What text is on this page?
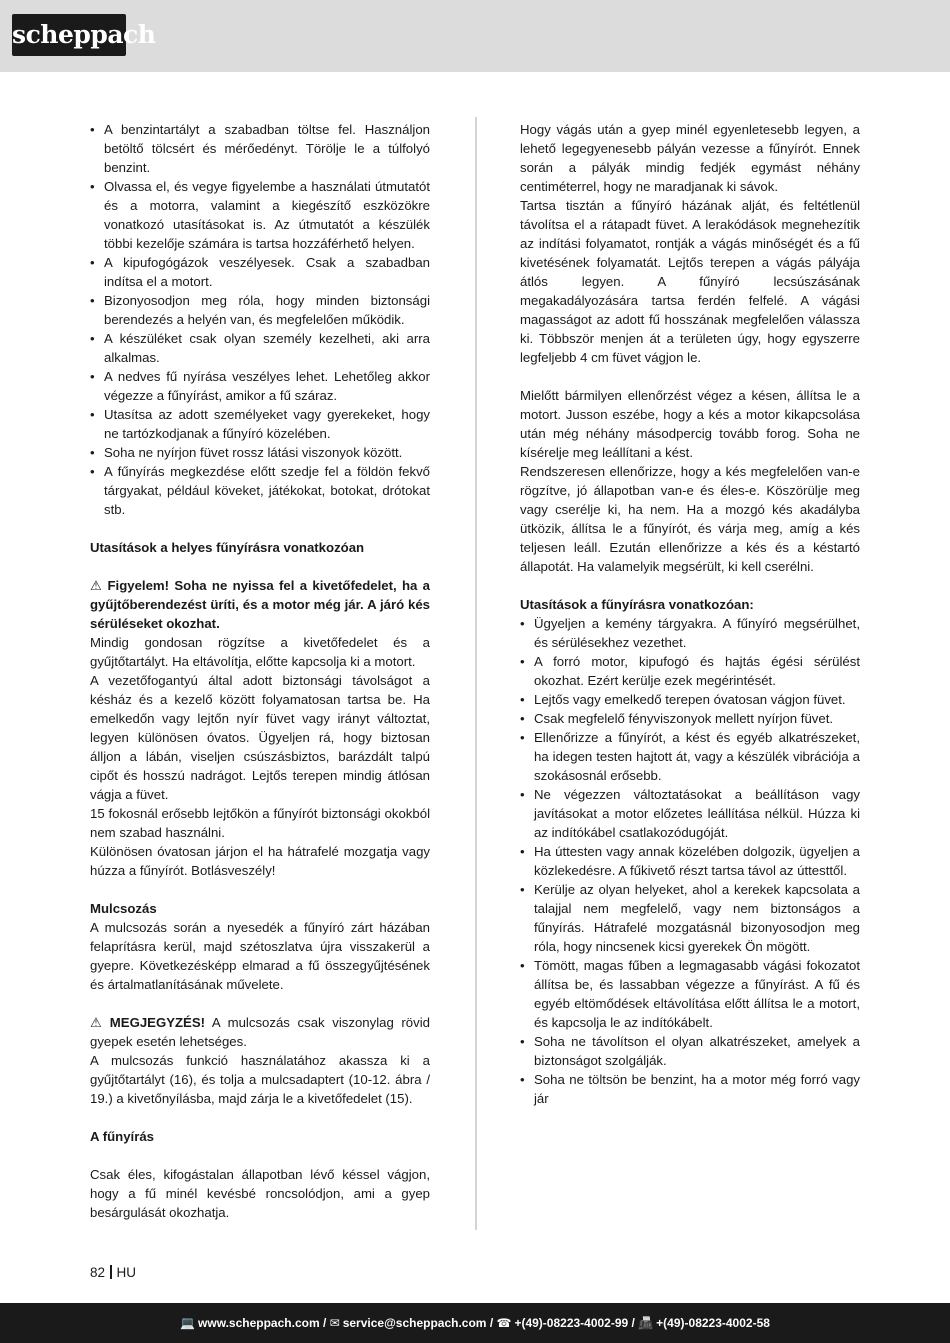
scheppach
• A benzintartályt a szabadban töltse fel. Használjon betöltő tölcsért és mérőedényt. Törölje le a túlfolyó benzint.
• Olvassa el, és vegye figyelembe a használati útmutatót és a motorra, valamint a kiegészítő eszközökre vonatkozó utasításokat is. Az útmutatót a készülék többi kezelője számára is tartsa hozzáférhető helyen.
• A kipufogógázok veszélyesek. Csak a szabadban indítsa el a motort.
• Bizonyosodjon meg róla, hogy minden biztonsági berendezés a helyén van, és megfelelően működik.
• A készüléket csak olyan személy kezelheti, aki arra alkalmas.
• A nedves fű nyírása veszélyes lehet. Lehetőleg akkor végezze a fűnyírást, amikor a fű száraz.
• Utasítsa az adott személyeket vagy gyerekeket, hogy ne tartózkodjanak a fűnyíró közelében.
• Soha ne nyírjon füvet rossz látási viszonyok között.
• A fűnyírás megkezdése előtt szedje fel a földön fekvő tárgyakat, például köveket, játékokat, botokat, drótokat stb.

Utasítások a helyes fűnyírásra vonatkozóan

⚠ Figyelem! Soha ne nyissa fel a kivetőfedelet, ha a gyűjtőberendezést üríti, és a motor még jár. A járó kés sérüléseket okozhat.

Mindig gondosan rögzítse a kivetőfedelet és a gyűjtőtartályt. Ha eltávolítja, előtte kapcsolja ki a motort.

A vezetőfogantyú által adott biztonsági távolságot a késház és a kezelő között folyamatosan tartsa be. Ha emelkedőn vagy lejtőn nyír füvet vagy irányt változtat, legyen különösen óvatos. Ügyeljen rá, hogy biztosan álljon a lábán, viseljen csúszásbiztos, barázdált talpú cipőt és hosszú nadrágot. Lejtős terepen mindig átlósan vágja a füvet.

15 fokosnál erősebb lejtőkön a fűnyírót biztonsági okokból nem szabad használni.

Különösen óvatosan járjon el ha hátrafelé mozgatja vagy húzza a fűnyírót. Botlásveszély!

Mulcsozás

A mulcsozás során a nyesedék a fűnyíró zárt házában felaprításra kerül, majd szétoszlatva újra visszakerül a gyepre. Következésképp elmarad a fű összegyűjtésének és ártalmatlanításának művelete.

⚠ MEGJEGYZÉS! A mulcsozás csak viszonylag rövid gyepek esetén lehetséges.

A mulcsozás funkció használatához akassza ki a gyűjtőtartályt (16), és tolja a mulcsadaptert (10-12. ábra / 19.) a kivetőnyílásba, majd zárja le a kivetőfedelet (15).

A fűnyírás

Csak éles, kifogástalan állapotban lévő késsel vágjon, hogy a fű minél kevésbé roncsolódjon, ami a gyep besárgulását okozhatja.

Hogy vágás után a gyep minél egyenletesebb legyen, a lehető legegyenesebb pályán vezesse a fűnyírót. Ennek során a pályák mindig fedjék egymást néhány centiméterrel, hogy ne maradjanak ki sávok.

Tartsa tisztán a fűnyíró házának alját, és feltétlenül távolítsa el a rátapadt füvet. A lerakódások megnehezítik az indítási folyamatot, rontják a vágás minőségét és a fű kivetésének folyamatát. Lejtős terepen a vágás pályája átlós legyen. A fűnyíró lecsúszásának megakadályozására tartsa ferdén felfelé. A vágási magasságot az adott fű hosszának megfelelően válassza ki. Többször menjen át a területen úgy, hogy egyszerre legfeljebb 4 cm füvet vágjon le.

Mielőtt bármilyen ellenőrzést végez a késen, állítsa le a motort. Jusson eszébe, hogy a kés a motor kikapcsolása után még néhány másodpercig tovább forog. Soha ne kísérelje meg leállítani a kést.

Rendszeresen ellenőrizze, hogy a kés megfelelően van-e rögzítve, jó állapotban van-e és éles-e. Köszörülje meg vagy cserélje ki, ha nem. Ha a mozgó kés akadályba ütközik, állítsa le a fűnyírót, és várja meg, amíg a kés teljesen leáll. Ezután ellenőrizze a kés és a késtartó állapotát. Ha valamelyik megsérült, ki kell cserélni.

Utasítások a fűnyírásra vonatkozóan:

• Ügyeljen a kemény tárgyakra. A fűnyíró megsérülhet, és sérülésekhez vezethet.
• A forró motor, kipufogó és hajtás égési sérülést okozhat. Ezért kerülje ezek megérintését.
• Lejtős vagy emelkedő terepen óvatosan vágjon füvet.
• Csak megfelelő fényviszonyok mellett nyírjon füvet.
• Ellenőrizze a fűnyírót, a kést és egyéb alkatrészeket, ha idegen testen hajtott át, vagy a készülék vibrációja a szokásosnál erősebb.
• Ne végezzen változtatásokat a beállításon vagy javításokat a motor előzetes leállítása nélkül. Húzza ki az indítókábel csatlakozódugóját.
• Ha úttesten vagy annak közelében dolgozik, ügyeljen a közlekedésre. A fűkivető részt tartsa távol az úttesttől.
• Kerülje az olyan helyeket, ahol a kerekek kapcsolata a talajjal nem megfelelő, vagy nem biztonságos a fűnyírás. Hátrafelé mozgatásnál bizonyosodjon meg róla, hogy nincsenek kicsi gyerekek Ön mögött.
• Tömött, magas fűben a legmagasabb vágási fokozatot állítsa be, és lassabban végezze a fűnyírást. A fű és egyéb eltömődések eltávolítása előtt állítsa le a motort, és kapcsolja le az indítókábelt.
• Soha ne távolítson el olyan alkatrészeket, amelyek a biztonságot szolgálják.
• Soha ne töltsön be benzint, ha a motor még forró vagy jár
82 HU
💻 www.scheppach.com / ✉ service@scheppach.com / ☎ +(49)-08223-4002-99 / 📠 +(49)-08223-4002-58
